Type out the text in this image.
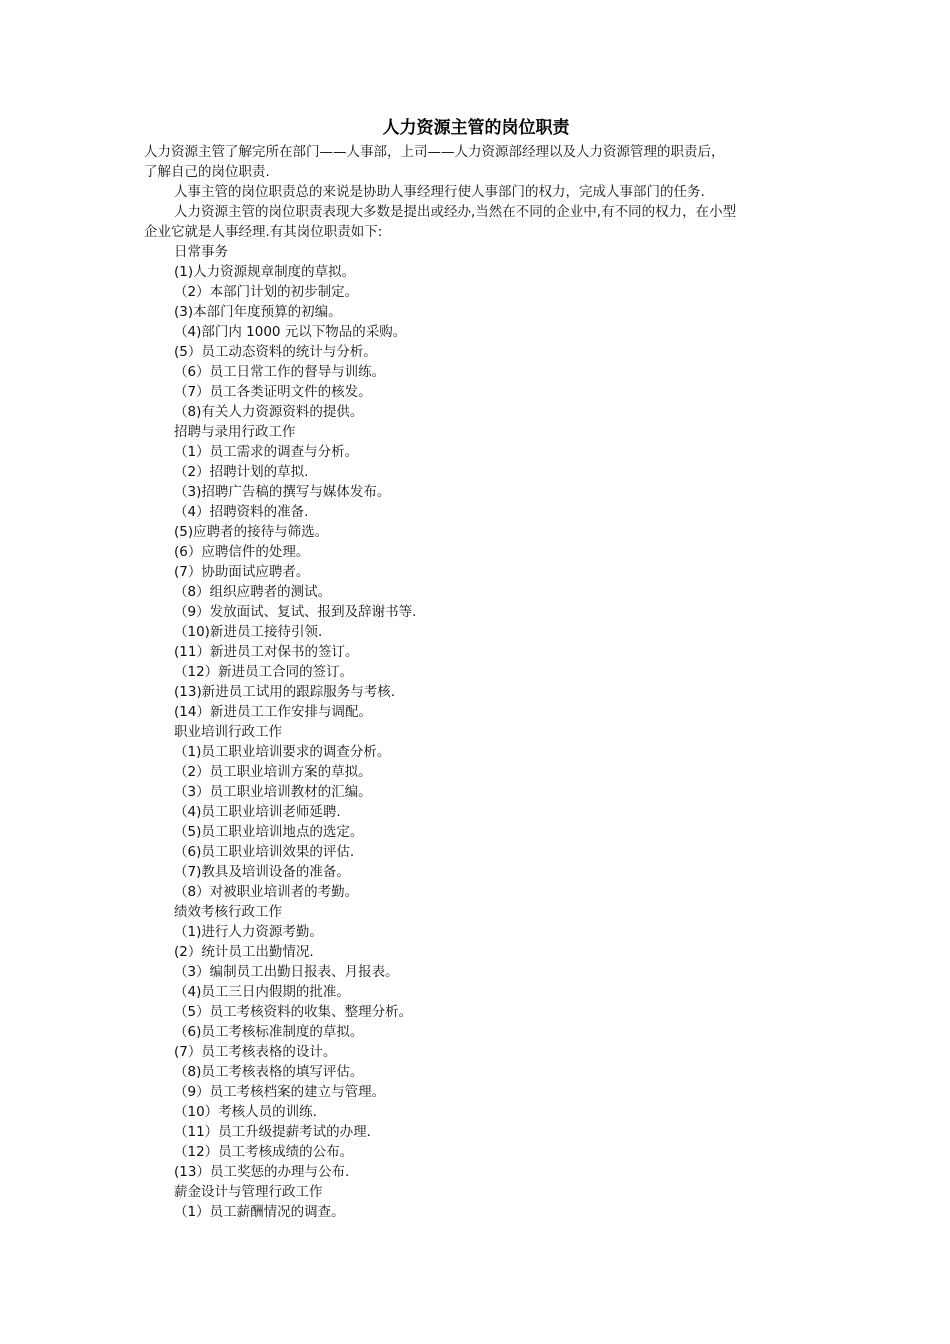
人力资源主管的岗位职责
人力资源主管了解完所在部门——人事部，上司——人力资源部经理以及人力资源管理的职责后，
了解自己的岗位职责.
人事主管的岗位职责总的来说是协助人事经理行使人事部门的权力，完成人事部门的任务.
人力资源主管的岗位职责表现大多数是提出或经办,当然在不同的企业中,有不同的权力，在小型
企业它就是人事经理.有其岗位职责如下:
日常事务
(1)人力资源规章制度的草拟。
（2）本部门计划的初步制定。
(3)本部门年度预算的初编。
（4)部门内 1000 元以下物品的采购。
(5）员工动态资料的统计与分析。
（6）员工日常工作的督导与训练。
（7）员工各类证明文件的核发。
（8)有关人力资源资料的提供。
招聘与录用行政工作
（1）员工需求的调查与分析。
（2）招聘计划的草拟.
（3)招聘广告稿的撰写与媒体发布。
（4）招聘资料的准备.
(5)应聘者的接待与筛选。
(6）应聘信件的处理。
(7）协助面试应聘者。
（8）组织应聘者的测试。
（9）发放面试、复试、报到及辞谢书等.
（10)新进员工接待引领.
(11）新进员工对保书的签订。
（12）新进员工合同的签订。
(13)新进员工试用的跟踪服务与考核.
(14）新进员工工作安排与调配。
职业培训行政工作
（1)员工职业培训要求的调查分析。
（2）员工职业培训方案的草拟。
（3）员工职业培训教材的汇编。
（4)员工职业培训老师延聘.
（5)员工职业培训地点的选定。
（6)员工职业培训效果的评估.
（7)教具及培训设备的准备。
（8）对被职业培训者的考勤。
绩效考核行政工作
（1)进行人力资源考勤。
(2）统计员工出勤情况.
（3）编制员工出勤日报表、月报表。
（4)员工三日内假期的批准。
（5）员工考核资料的收集、整理分析。
（6)员工考核标准制度的草拟。
(7）员工考核表格的设计。
（8)员工考核表格的填写评估。
（9）员工考核档案的建立与管理。
（10）考核人员的训练.
（11）员工升级提薪考试的办理.
（12）员工考核成绩的公布。
(13）员工奖惩的办理与公布.
薪金设计与管理行政工作
（1）员工薪酬情况的调查。
